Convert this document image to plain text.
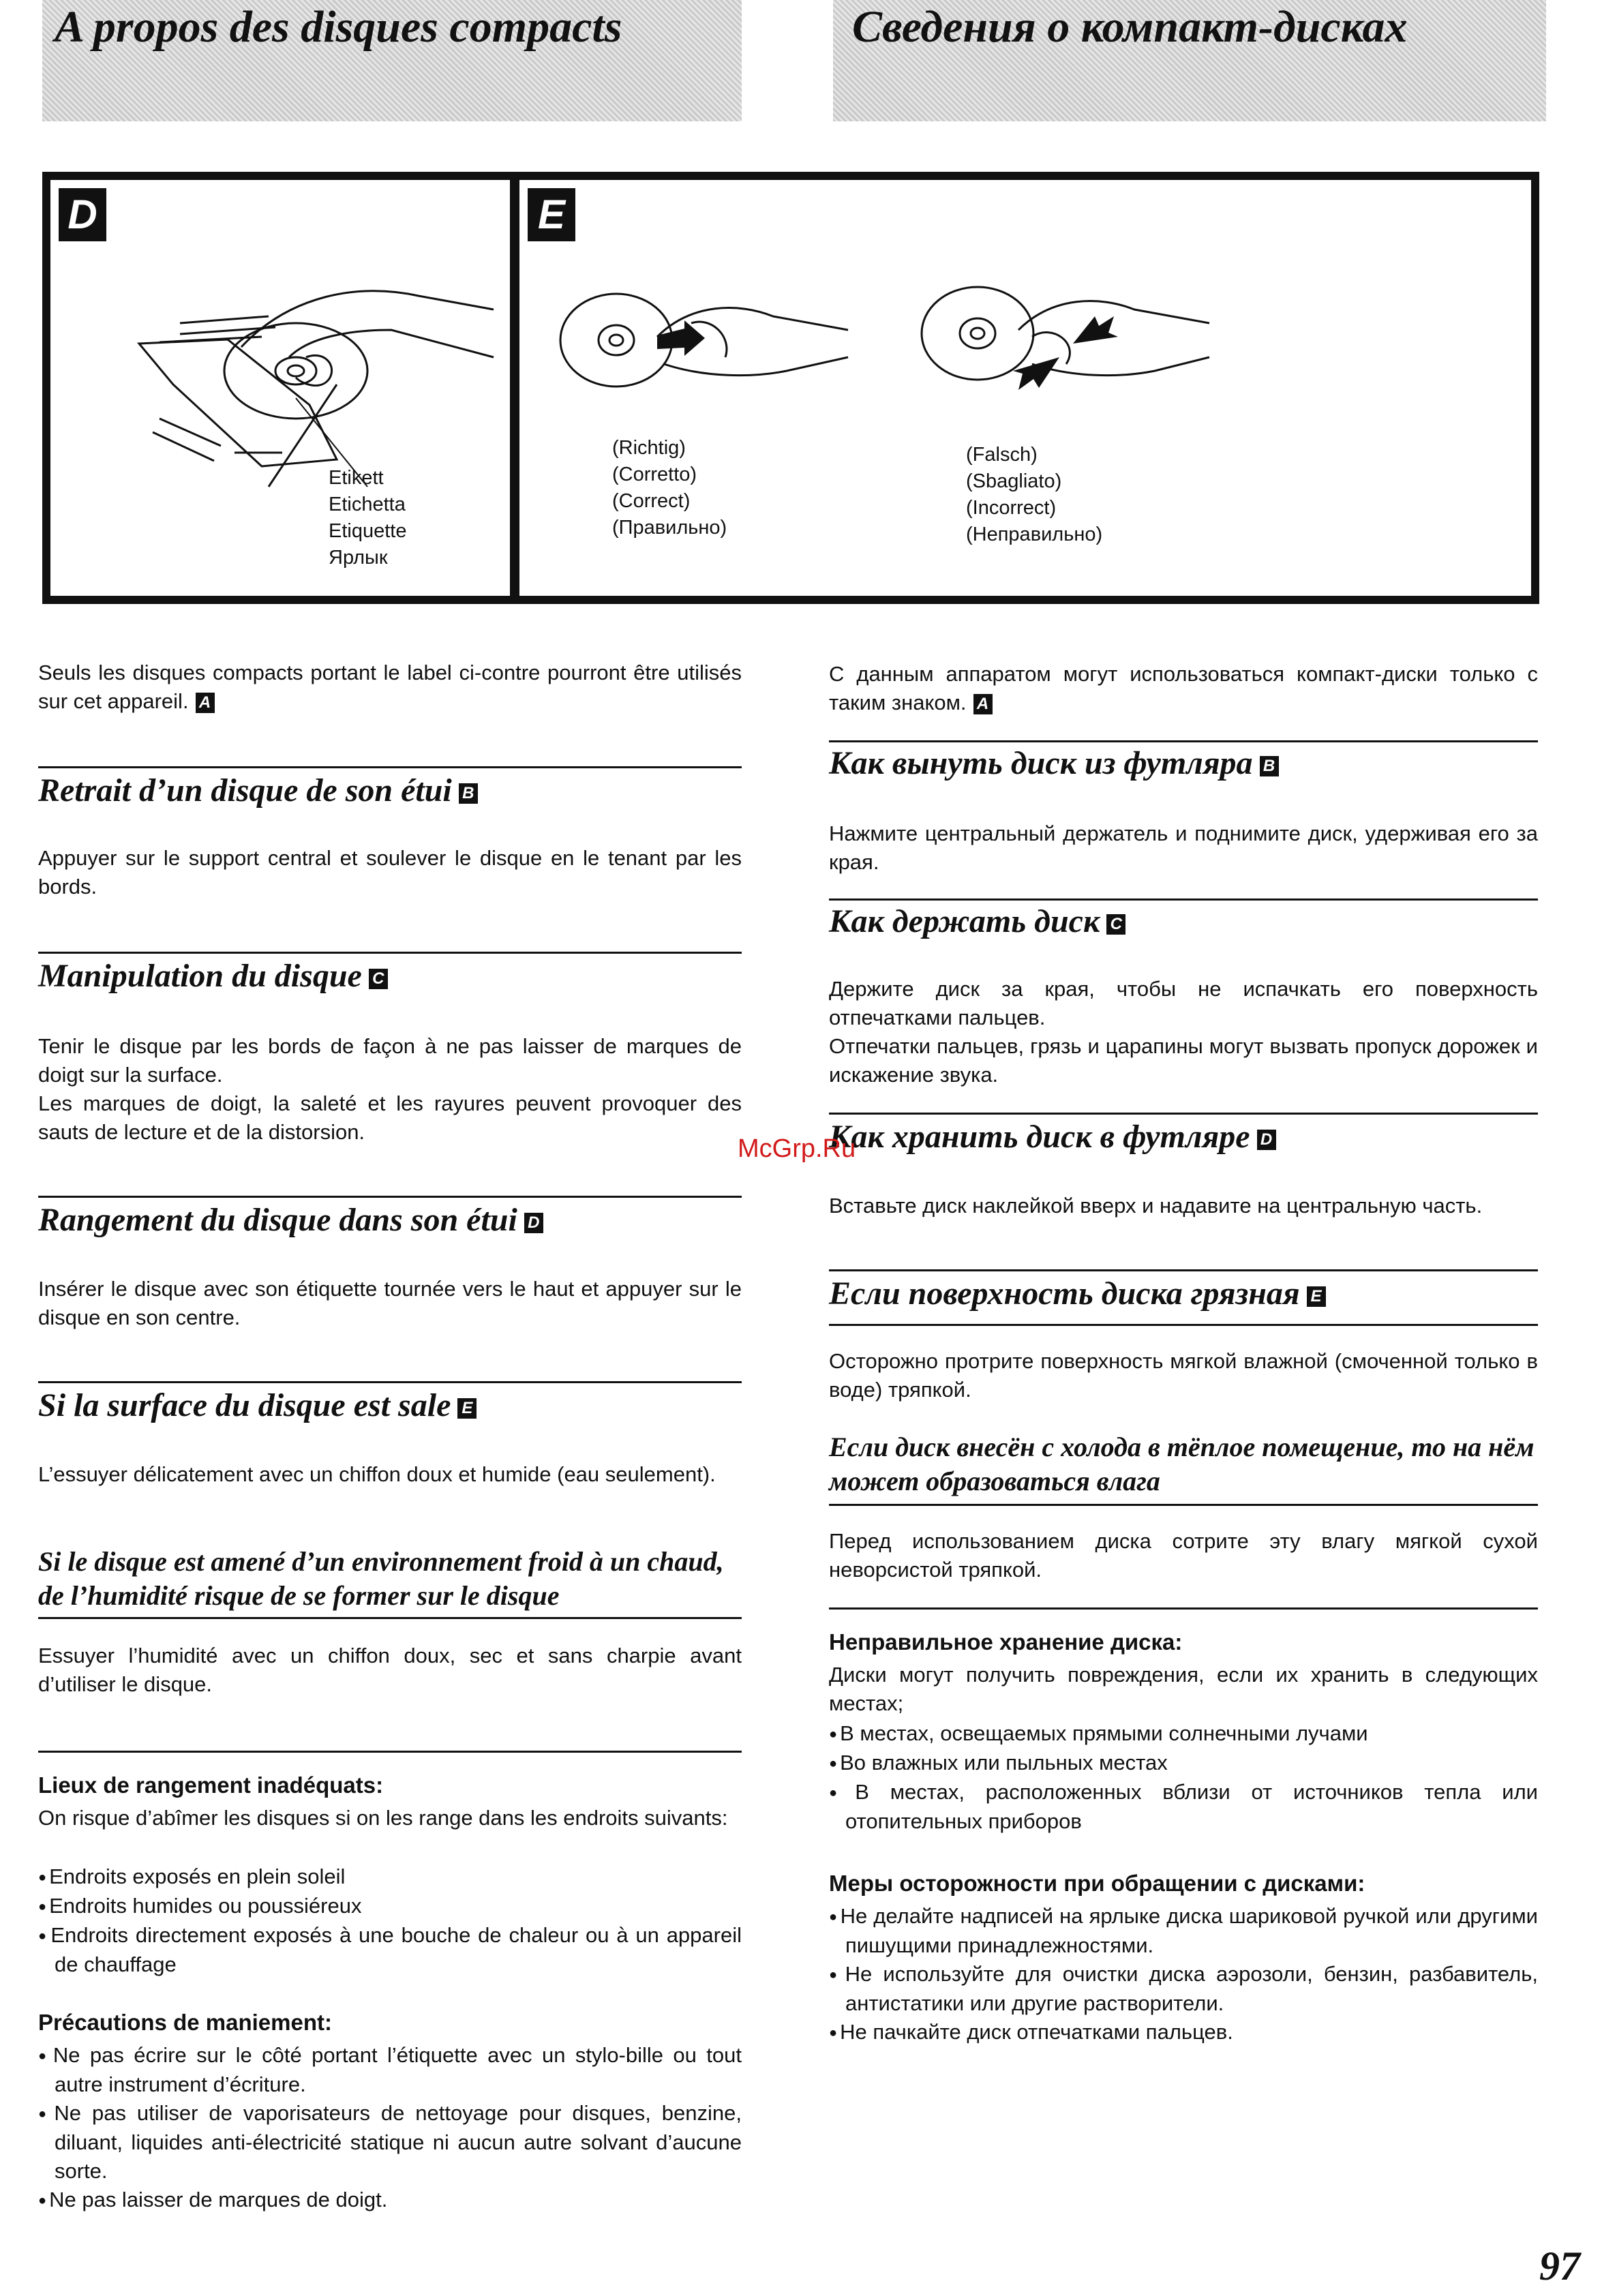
A propos des disques compacts	Сведения о компакт-дисках
D	E
Etikett
Etichetta
Etiquette
Ярлык
(Richtig)
(Corretto)
(Correct)
(Правильно)
(Falsch)
(Sbagliato)
(Incorrect)
(Неправильно)
Seuls les disques compacts portant le label ci-contre pourront être utilisés sur cet appareil. A
Retrait d’un disque de son étui B
Appuyer sur le support central et soulever le disque en le tenant par les bords.
Manipulation du disque C
Tenir le disque par les bords de façon à ne pas laisser de marques de doigt sur la surface.
Les marques de doigt, la saleté et les rayures peuvent provoquer des sauts de lecture et de la distorsion.
Rangement du disque dans son étui D
Insérer le disque avec son étiquette tournée vers le haut et appuyer sur le disque en son centre.
Si la surface du disque est sale E
L’essuyer délicatement avec un chiffon doux et humide (eau seulement).
Si le disque est amené d’un environnement froid à un chaud, de l’humidité risque de se former sur le disque
Essuyer l’humidité avec un chiffon doux, sec et sans charpie avant d’utiliser le disque.
Lieux de rangement inadéquats:
On risque d’abîmer les disques si on les range dans les endroits suivants:
● Endroits exposés en plein soleil
● Endroits humides ou poussiéreux
● Endroits directement exposés à une bouche de chaleur ou à un appareil de chauffage
Précautions de maniement:
● Ne pas écrire sur le côté portant l’étiquette avec un stylo-bille ou tout autre instrument d’écriture.
● Ne pas utiliser de vaporisateurs de nettoyage pour disques, benzine, diluant, liquides anti-électricité statique ni aucun autre solvant d’aucune sorte.
● Ne pas laisser de marques de doigt.
С данным аппаратом могут использоваться компакт-диски только с таким знаком. A
Как вынуть диск из футляра B
Нажмите центральный держатель и поднимите диск, удерживая его за края.
Как держать диск C
Держите диск за края, чтобы не испачкать его поверхность отпечатками пальцев.
Отпечатки пальцев, грязь и царапины могут вызвать пропуск дорожек и искажение звука.
Как хранить диск в футляре D
Вставьте диск наклейкой вверх и надавите на центральную часть.
Если поверхность диска грязная E
Осторожно протрите поверхность мягкой влажной (смоченной только в воде) тряпкой.
Если диск внесён с холода в тёплое помещение, то на нём может образоваться влага
Перед использованием диска сотрите эту влагу мягкой сухой неворсистой тряпкой.
Неправильное хранение диска:
Диски могут получить повреждения, если их хранить в следующих местах;
● В местах, освещаемых прямыми солнечными лучами
● Во влажных или пыльных местах
● В местах, расположенных вблизи от источников тепла или отопительных приборов
Меры осторожности при обращении с дисками:
● Не делайте надписей на ярлыке диска шариковой ручкой или другими пишущими принадлежностями.
● Не используйте для очистки диска аэрозоли, бензин, разбавитель, антистатики или другие растворители.
● Не пачкайте диск отпечатками пальцев.
McGrp.Ru
97
